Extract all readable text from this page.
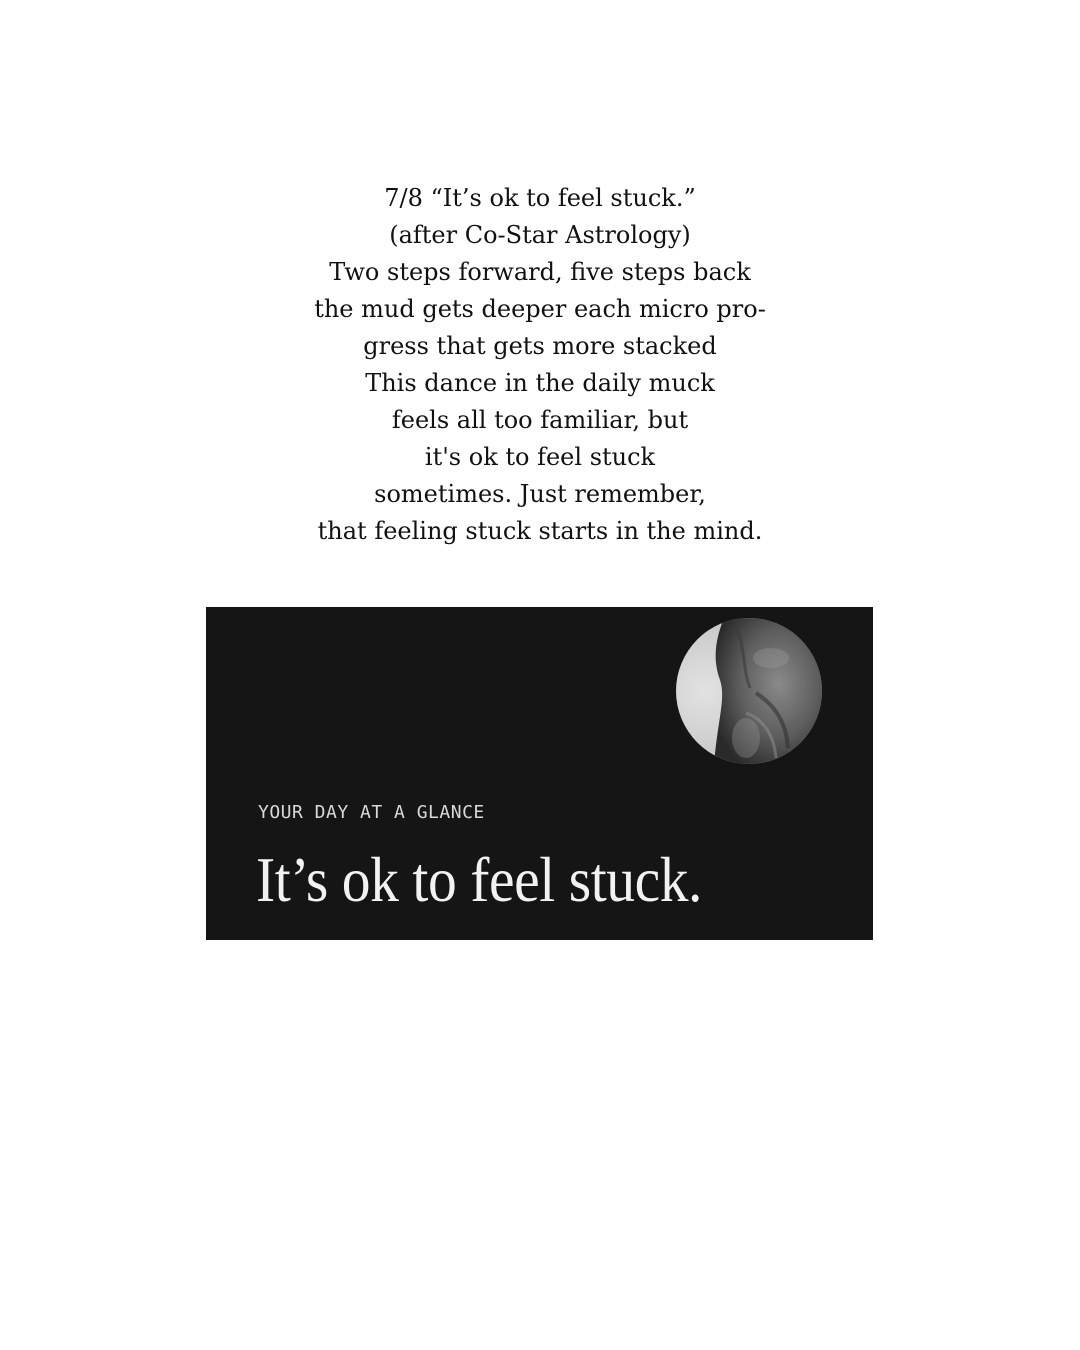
7/8 “It’s ok to feel stuck.”
(after Co-Star Astrology)
Two steps forward, five steps back
the mud gets deeper each micro pro-
gress that gets more stacked
This dance in the daily muck
feels all too familiar, but
it's ok to feel stuck
sometimes. Just remember,
that feeling stuck starts in the mind.
YOUR DAY AT A GLANCE
It’s ok to feel stuck.
